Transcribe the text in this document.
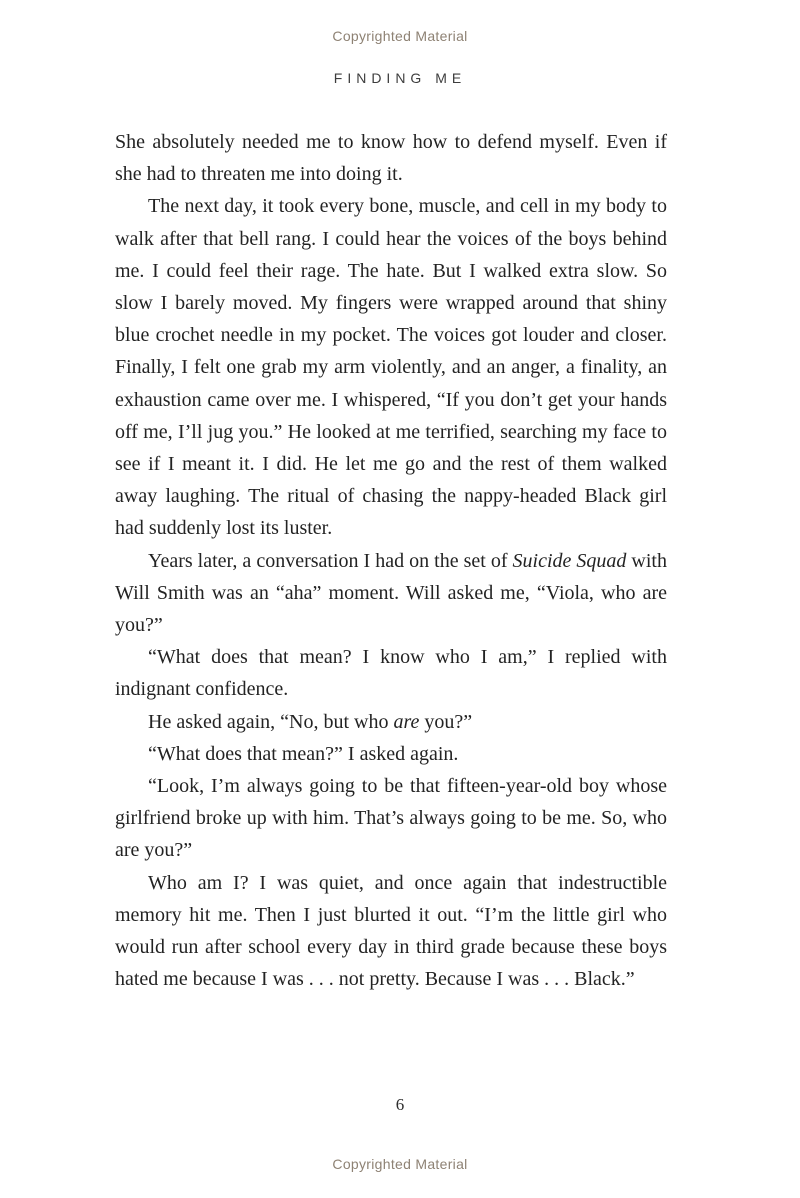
Copyrighted Material
FINDING ME

She absolutely needed me to know how to defend myself. Even if she had to threaten me into doing it.

The next day, it took every bone, muscle, and cell in my body to walk after that bell rang. I could hear the voices of the boys behind me. I could feel their rage. The hate. But I walked extra slow. So slow I barely moved. My fingers were wrapped around that shiny blue crochet needle in my pocket. The voices got louder and closer. Finally, I felt one grab my arm violently, and an anger, a finality, an exhaustion came over me. I whispered, “If you don’t get your hands off me, I’ll jug you.” He looked at me terrified, searching my face to see if I meant it. I did. He let me go and the rest of them walked away laughing. The ritual of chasing the nappy-headed Black girl had suddenly lost its luster.

Years later, a conversation I had on the set of Suicide Squad with Will Smith was an “aha” moment. Will asked me, “Viola, who are you?”

“What does that mean? I know who I am,” I replied with indignant confidence.

He asked again, “No, but who are you?”

“What does that mean?” I asked again.

“Look, I’m always going to be that fifteen-year-old boy whose girlfriend broke up with him. That’s always going to be me. So, who are you?”

Who am I? I was quiet, and once again that indestructible memory hit me. Then I just blurted it out. “I’m the little girl who would run after school every day in third grade because these boys hated me because I was . . . not pretty. Because I was . . . Black.”

6
Copyrighted Material
